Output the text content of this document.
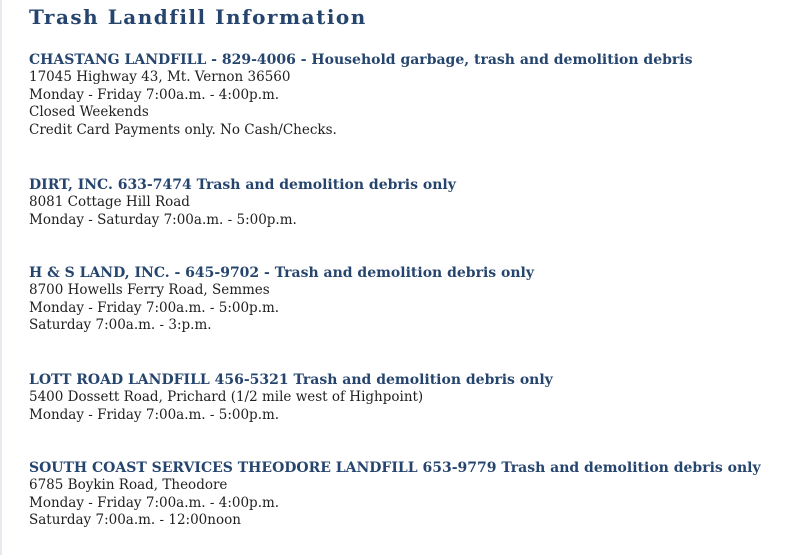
Trash Landfill Information
CHASTANG LANDFILL - 829-4006 - Household garbage, trash and demolition debris

17045 Highway 43, Mt. Vernon 36560

Monday - Friday 7:00a.m. - 4:00p.m.

Closed Weekends

Credit Card Payments only. No Cash/Checks.

DIRT, INC. 633-7474 Trash and demolition debris only

8081 Cottage Hill Road

Monday - Saturday 7:00a.m. - 5:00p.m.

H & S LAND, INC. - 645-9702 - Trash and demolition debris only

8700 Howells Ferry Road, Semmes

Monday - Friday 7:00a.m. - 5:00p.m.

Saturday 7:00a.m. - 3:p.m.

LOTT ROAD LANDFILL 456-5321 Trash and demolition debris only

5400 Dossett Road, Prichard (1/2 mile west of Highpoint)

Monday - Friday 7:00a.m. - 5:00p.m.

SOUTH COAST SERVICES THEODORE LANDFILL 653-9779 Trash and demolition debris only

6785 Boykin Road, Theodore

Monday - Friday 7:00a.m. - 4:00p.m.

Saturday 7:00a.m. - 12:00noon
